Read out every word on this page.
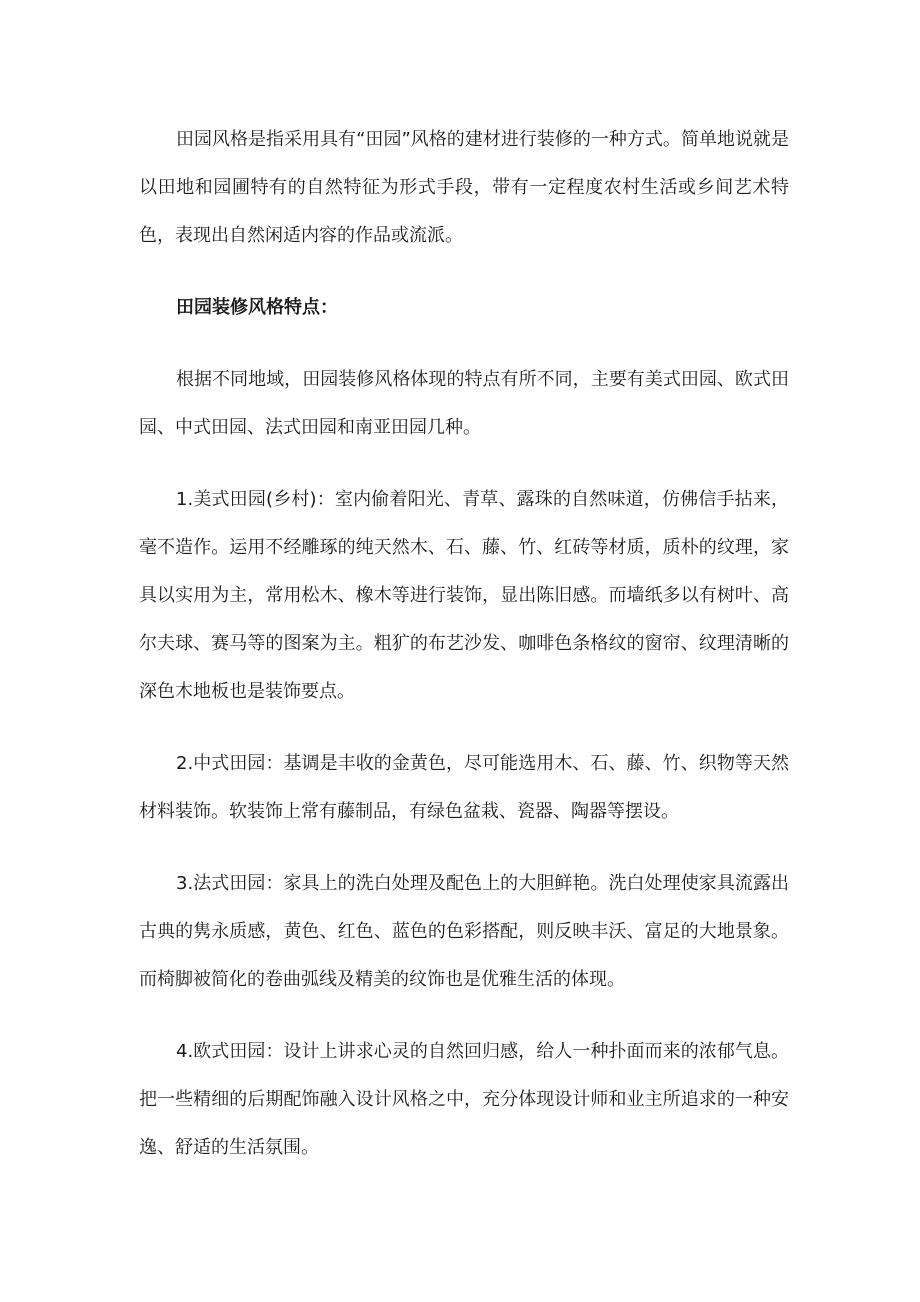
田园风格是指采用具有“田园”风格的建材进行装修的一种方式。简单地说就是以田地和园圃特有的自然特征为形式手段，带有一定程度农村生活或乡间艺术特色，表现出自然闲适内容的作品或流派。

田园装修风格特点：

根据不同地域，田园装修风格体现的特点有所不同，主要有美式田园、欧式田园、中式田园、法式田园和南亚田园几种。

1.美式田园(乡村)：室内偷着阳光、青草、露珠的自然味道，仿佛信手拈来，毫不造作。运用不经雕琢的纯天然木、石、藤、竹、红砖等材质，质朴的纹理，家具以实用为主，常用松木、橡木等进行装饰，显出陈旧感。而墙纸多以有树叶、高尔夫球、赛马等的图案为主。粗犷的布艺沙发、咖啡色条格纹的窗帘、纹理清晰的深色木地板也是装饰要点。

2.中式田园：基调是丰收的金黄色，尽可能选用木、石、藤、竹、织物等天然材料装饰。软装饰上常有藤制品，有绿色盆栽、瓷器、陶器等摆设。

3.法式田园：家具上的洗白处理及配色上的大胆鲜艳。洗白处理使家具流露出古典的隽永质感，黄色、红色、蓝色的色彩搭配，则反映丰沃、富足的大地景象。而椅脚被简化的卷曲弧线及精美的纹饰也是优雅生活的体现。

4.欧式田园：设计上讲求心灵的自然回归感，给人一种扑面而来的浓郁气息。把一些精细的后期配饰融入设计风格之中，充分体现设计师和业主所追求的一种安逸、舒适的生活氛围。
